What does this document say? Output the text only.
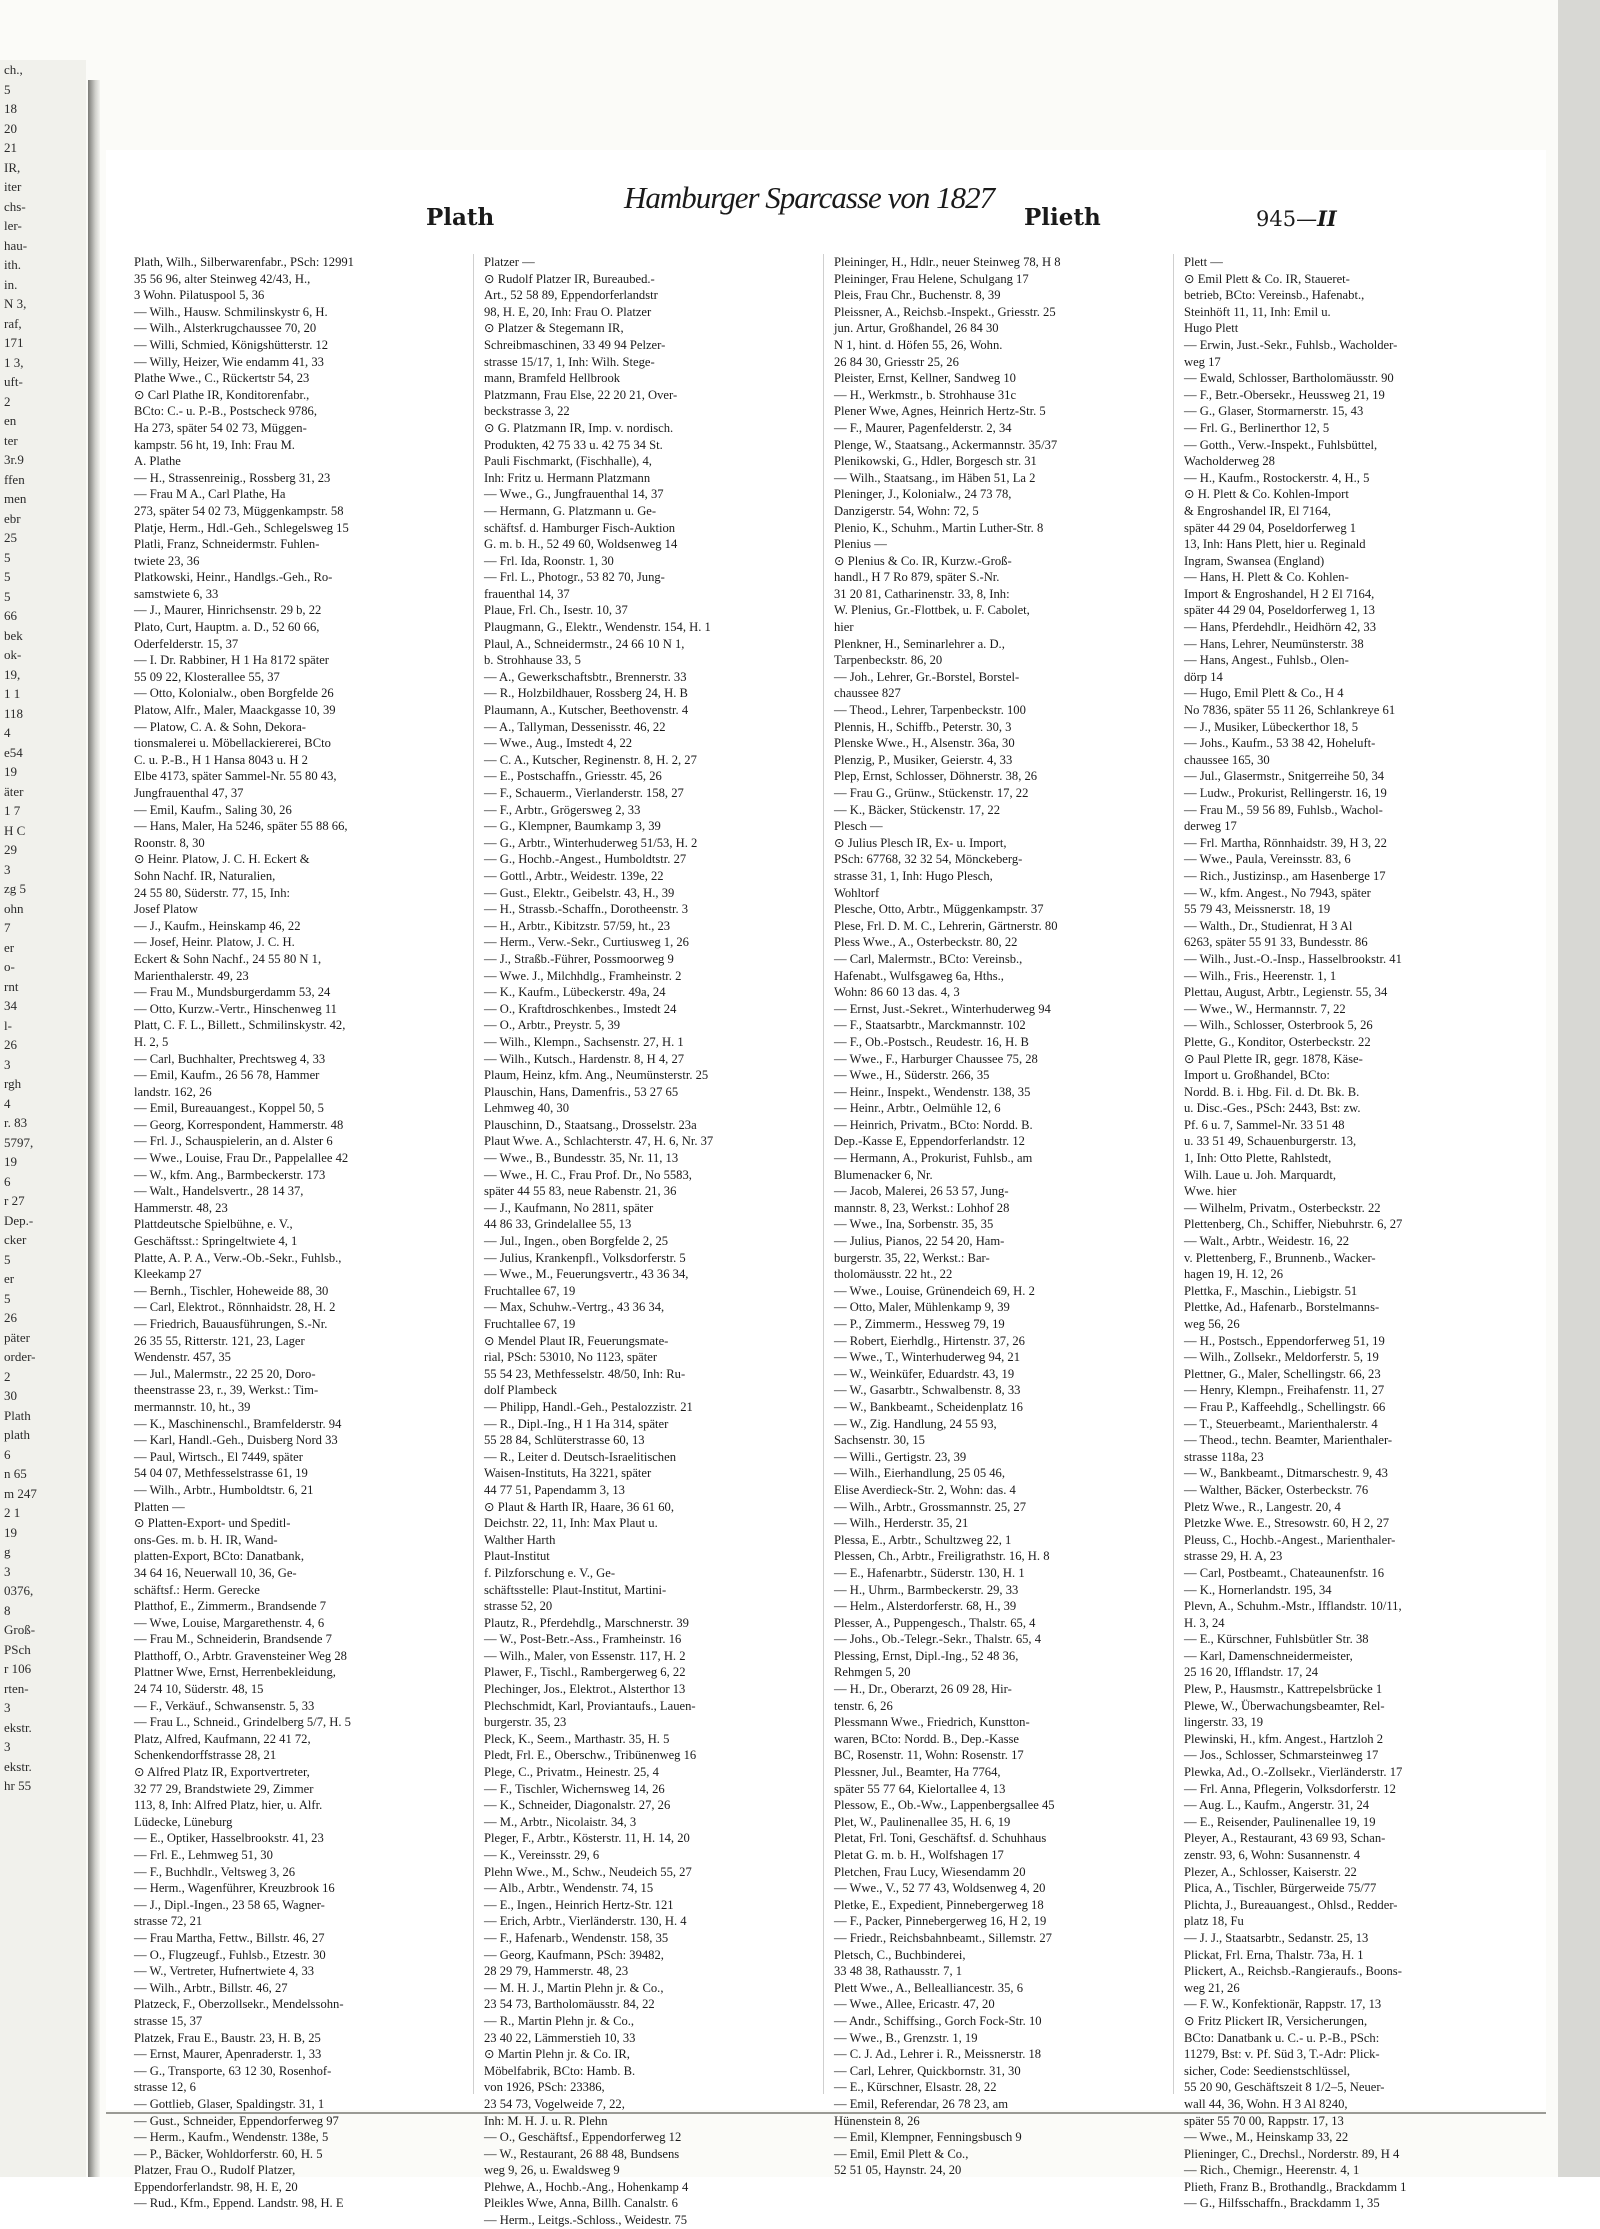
ch.,
5
18
20
21
IR,
iter
chs-
ler-
hau-
ith.
in.
N 3,
raf,
171
1 3,
uft-
2
en
ter
3r.9
ffen
men
ebr
25
5
5
5
66
bek
ok-
19,
1 1
118
4
e54
19
äter
1 7
H C
29
3
zg 5
ohn
7
er
o-
rnt
34
l-
26
3
rgh
4
r. 83
5797,
19
6
r 27
Dep.-
cker
5
er
5
26
päter
order-
2
30
Plath
plath
6
n 65
m 247
2 1
19
g
3
0376,
8
Groß-
PSch
r 106
rten-
3
ekstr.
3
ekstr.
hr 55
Plath
Hamburger Sparcasse von 1827
Plieth	945—II

Plath, Wilh., Silberwarenfabr., PSch: 12991

35 56 96, alter Steinweg 42/43, H.,

3 Wohn. Pilatuspool 5, 36

— Wilh., Hausw. Schmilinskystr 6, H.

— Wilh., Alsterkrugchaussee 70, 20

— Willi, Schmied, Königshütterstr. 12

— Willy, Heizer, Wie endamm 41, 33

Plathe Wwe., C., Rückertstr 54, 23

⊙ Carl Plathe IR, Konditorenfabr.,

BCto: C.- u. P.-B., Postscheck 9786,

Ha 273, später 54 02 73, Müggen-

kampstr. 56 ht, 19, Inh: Frau M.

A. Plathe

— H., Strassenreinig., Rossberg 31, 23

— Frau M A., Carl Plathe, Ha

273, später 54 02 73, Müggenkampstr. 58

Platje, Herm., Hdl.-Geh., Schlegelsweg 15

Platli, Franz, Schneidermstr. Fuhlen-

twiete 23, 36

Platkowski, Heinr., Handlgs.-Geh., Ro-

samstwiete 6, 33

— J., Maurer, Hinrichsenstr. 29 b, 22

Plato, Curt, Hauptm. a. D., 52 60 66,

Oderfelderstr. 15, 37

— I. Dr. Rabbiner, H 1 Ha 8172 später

55 09 22, Klosterallee 55, 37

— Otto, Kolonialw., oben Borgfelde 26

Platow, Alfr., Maler, Maackgasse 10, 39

— Platow, C. A. & Sohn, Dekora-

tionsmalerei u. Möbellackiererei, BCto

C. u. P.-B., H 1 Hansa 8043 u. H 2

Elbe 4173, später Sammel-Nr. 55 80 43,

Jungfrauenthal 47, 37

— Emil, Kaufm., Saling 30, 26

— Hans, Maler, Ha 5246, später 55 88 66,

Roonstr. 8, 30

⊙ Heinr. Platow, J. C. H. Eckert &

Sohn Nachf. IR, Naturalien,

24 55 80, Süderstr. 77, 15, Inh:

Josef Platow

— J., Kaufm., Heinskamp 46, 22

— Josef, Heinr. Platow, J. C. H.

Eckert & Sohn Nachf., 24 55 80 N 1,

Marienthalerstr. 49, 23

— Frau M., Mundsburgerdamm 53, 24

— Otto, Kurzw.-Vertr., Hinschenweg 11

Platt, C. F. L., Billett., Schmilinskystr. 42,

H. 2, 5

— Carl, Buchhalter, Prechtsweg 4, 33

— Emil, Kaufm., 26 56 78, Hammer

landstr. 162, 26

— Emil, Bureauangest., Koppel 50, 5

— Georg, Korrespondent, Hammerstr. 48

— Frl. J., Schauspielerin, an d. Alster 6

— Wwe., Louise, Frau Dr., Pappelallee 42

— W., kfm. Ang., Barmbeckerstr. 173

— Walt., Handelsvertr., 28 14 37,

Hammerstr. 48, 23

Plattdeutsche Spielbühne, e. V.,

Geschäftsst.: Springeltwiete 4, 1

Platte, A. P. A., Verw.-Ob.-Sekr., Fuhlsb.,

Kleekamp 27

— Bernh., Tischler, Hoheweide 88, 30

— Carl, Elektrot., Rönnhaidstr. 28, H. 2

— Friedrich, Bauausführungen, S.-Nr.

26 35 55, Ritterstr. 121, 23, Lager

Wendenstr. 457, 35

— Jul., Malermstr., 22 25 20, Doro-

theenstrasse 23, r., 39, Werkst.: Tim-

mermannstr. 10, ht., 39

— K., Maschinenschl., Bramfelderstr. 94

— Karl, Handl.-Geh., Duisberg Nord 33

— Paul, Wirtsch., El 7449, später

54 04 07, Methfesselstrasse 61, 19

— Wilh., Arbtr., Humboldtstr. 6, 21

Platten —

⊙ Platten-Export- und Speditl-

ons-Ges. m. b. H. IR, Wand-

platten-Export, BCto: Danatbank,

34 64 16, Neuerwall 10, 36, Ge-

schäftsf.: Herm. Gerecke

Platthof, E., Zimmerm., Brandsende 7

— Wwe, Louise, Margarethenstr. 4, 6

— Frau M., Schneiderin, Brandsende 7

Platthoff, O., Arbtr. Gravensteiner Weg 28

Plattner Wwe, Ernst, Herrenbekleidung,

24 74 10, Süderstr. 48, 15

— F., Verkäuf., Schwansenstr. 5, 33

— Frau L., Schneid., Grindelberg 5/7, H. 5

Platz, Alfred, Kaufmann, 22 41 72,

Schenkendorffstrasse 28, 21

⊙ Alfred Platz IR, Exportvertreter,

32 77 29, Brandstwiete 29, Zimmer

113, 8, Inh: Alfred Platz, hier, u. Alfr.

Lüdecke, Lüneburg

— E., Optiker, Hasselbrookstr. 41, 23

— Frl. E., Lehmweg 51, 30

— F., Buchhdlr., Veltsweg 3, 26

— Herm., Wagenführer, Kreuzbrook 16

— J., Dipl.-Ingen., 23 58 65, Wagner-

strasse 72, 21

— Frau Martha, Fettw., Billstr. 46, 27

— O., Flugzeugf., Fuhlsb., Etzestr. 30

— W., Vertreter, Hufnertwiete 4, 33

— Wilh., Arbtr., Billstr. 46, 27

Platzeck, F., Oberzollsekr., Mendelssohn-

strasse 15, 37

Platzek, Frau E., Baustr. 23, H. B, 25

— Ernst, Maurer, Apenraderstr. 1, 33

— G., Transporte, 63 12 30, Rosenhof-

strasse 12, 6

— Gottlieb, Glaser, Spaldingstr. 31, 1

— Gust., Schneider, Eppendorferweg 97

— Herm., Kaufm., Wendenstr. 138e, 5

— P., Bäcker, Wohldorferstr. 60, H. 5

Platzer, Frau O., Rudolf Platzer,

Eppendorferlandstr. 98, H. E, 20

— Rud., Kfm., Eppend. Landstr. 98, H. E

Platzer —

⊙ Rudolf Platzer IR, Bureaubed.-

Art., 52 58 89, Eppendorferlandstr

98, H. E, 20, Inh: Frau O. Platzer

⊙ Platzer & Stegemann IR,

Schreibmaschinen, 33 49 94 Pelzer-

strasse 15/17, 1, Inh: Wilh. Stege-

mann, Bramfeld Hellbrook

Platzmann, Frau Else, 22 20 21, Over-

beckstrasse 3, 22

⊙ G. Platzmann IR, Imp. v. nordisch.

Produkten, 42 75 33 u. 42 75 34 St.

Pauli Fischmarkt, (Fischhalle), 4,

Inh: Fritz u. Hermann Platzmann

— Wwe., G., Jungfrauenthal 14, 37

— Hermann, G. Platzmann u. Ge-

schäftsf. d. Hamburger Fisch-Auktion

G. m. b. H., 52 49 60, Woldsenweg 14

— Frl. Ida, Roonstr. 1, 30

— Frl. L., Photogr., 53 82 70, Jung-

frauenthal 14, 37

Plaue, Frl. Ch., Isestr. 10, 37

Plaugmann, G., Elektr., Wendenstr. 154, H. 1

Plaul, A., Schneidermstr., 24 66 10 N 1,

b. Strohhause 33, 5

— A., Gewerkschaftsbtr., Brennerstr. 33

— R., Holzbildhauer, Rossberg 24, H. B

Plaumann, A., Kutscher, Beethovenstr. 4

— A., Tallyman, Dessenisstr. 46, 22

— Wwe., Aug., Imstedt 4, 22

— C. A., Kutscher, Reginenstr. 8, H. 2, 27

— E., Postschaffn., Griesstr. 45, 26

— F., Schauerm., Vierlanderstr. 158, 27

— F., Arbtr., Grögersweg 2, 33

— G., Klempner, Baumkamp 3, 39

— G., Arbtr., Winterhuderweg 51/53, H. 2

— G., Hochb.-Angest., Humboldtstr. 27

— Gottl., Arbtr., Weidestr. 139e, 22

— Gust., Elektr., Geibelstr. 43, H., 39

— H., Strassb.-Schaffn., Dorotheenstr. 3

— H., Arbtr., Kibitzstr. 57/59, ht., 23

— Herm., Verw.-Sekr., Curtiusweg 1, 26

— J., Straßb.-Führer, Possmoorweg 9

— Wwe. J., Milchhdlg., Framheinstr. 2

— K., Kaufm., Lübeckerstr. 49a, 24

— O., Kraftdroschkenbes., Imstedt 24

— O., Arbtr., Preystr. 5, 39

— Wilh., Klempn., Sachsenstr. 27, H. 1

— Wilh., Kutsch., Hardenstr. 8, H 4, 27

Plaum, Heinz, kfm. Ang., Neumünsterstr. 25

Plauschin, Hans, Damenfris., 53 27 65

Lehmweg 40, 30

Plauschinn, D., Staatsang., Drosselstr. 23a

Plaut Wwe. A., Schlachterstr. 47, H. 6, Nr. 37

— Wwe., B., Bundesstr. 35, Nr. 11, 13

— Wwe., H. C., Frau Prof. Dr., No 5583,

später 44 55 83, neue Rabenstr. 21, 36

— J., Kaufmann, No 2811, später

44 86 33, Grindelallee 55, 13

— Jul., Ingen., oben Borgfelde 2, 25

— Julius, Krankenpfl., Volksdorferstr. 5

— Wwe., M., Feuerungsvertr., 43 36 34,

Fruchtallee 67, 19

— Max, Schuhw.-Vertrg., 43 36 34,

Fruchtallee 67, 19

⊙ Mendel Plaut IR, Feuerungsmate-

rial, PSch: 53010, No 1123, später

55 54 23, Methfesselstr. 48/50, Inh: Ru-

dolf Plambeck

— Philipp, Handl.-Geh., Pestalozzistr. 21

— R., Dipl.-Ing., H 1 Ha 314, später

55 28 84, Schlüterstrasse 60, 13

— R., Leiter d. Deutsch-Israelitischen

Waisen-Instituts, Ha 3221, später

44 77 51, Papendamm 3, 13

⊙ Plaut & Harth IR, Haare, 36 61 60,

Deichstr. 22, 11, Inh: Max Plaut u.

Walther Harth

Plaut-Institut

f. Pilzforschung e. V., Ge-

schäftsstelle: Plaut-Institut, Martini-

strasse 52, 20

Plautz, R., Pferdehdlg., Marschnerstr. 39

— W., Post-Betr.-Ass., Framheinstr. 16

— Wilh., Maler, von Essenstr. 117, H. 2

Plawer, F., Tischl., Rambergerweg 6, 22

Plechinger, Jos., Elektrot., Alsterthor 13

Plechschmidt, Karl, Proviantaufs., Lauen-

burgerstr. 35, 23

Pleck, K., Seem., Marthastr. 35, H. 5

Pledt, Frl. E., Oberschw., Tribünenweg 16

Plege, C., Privatm., Heinestr. 25, 4

— F., Tischler, Wichernsweg 14, 26

— K., Schneider, Diagonalstr. 27, 26

— M., Arbtr., Nicolaistr. 34, 3

Pleger, F., Arbtr., Kösterstr. 11, H. 14, 20

— K., Vereinsstr. 29, 6

Plehn Wwe., M., Schw., Neudeich 55, 27

— Alb., Arbtr., Wendenstr. 74, 15

— E., Ingen., Heinrich Hertz-Str. 121

— Erich, Arbtr., Vierländerstr. 130, H. 4

— F., Hafenarb., Wendenstr. 158, 35

— Georg, Kaufmann, PSch: 39482,

28 29 79, Hammerstr. 48, 23

— M. H. J., Martin Plehn jr. & Co.,

23 54 73, Bartholomäusstr. 84, 22

— R., Martin Plehn jr. & Co.,

23 40 22, Lämmerstieh 10, 33

⊙ Martin Plehn jr. & Co. IR,

Möbelfabrik, BCto: Hamb. B.

von 1926, PSch: 23386,

23 54 73, Vogelweide 7, 22,

Inh: M. H. J. u. R. Plehn

— O., Geschäftsf., Eppendorferweg 12

— W., Restaurant, 26 88 48, Bundsens

weg 9, 26, u. Ewaldsweg 9

Plehwe, A., Hochb.-Ang., Hohenkamp 4

Pleikles Wwe, Anna, Billh. Canalstr. 6

— Herm., Leitgs.-Schloss., Weidestr. 75

Pleininger, H., Hdlr., neuer Steinweg 78, H 8

Pleininger, Frau Helene, Schulgang 17

Pleis, Frau Chr., Buchenstr. 8, 39

Pleissner, A., Reichsb.-Inspekt., Griesstr. 25

jun. Artur, Großhandel, 26 84 30

N 1, hint. d. Höfen 55, 26, Wohn.

26 84 30, Griesstr 25, 26

Pleister, Ernst, Kellner, Sandweg 10

— H., Werkmstr., b. Strohhause 31c

Plener Wwe, Agnes, Heinrich Hertz-Str. 5

— F., Maurer, Pagenfelderstr. 2, 34

Plenge, W., Staatsang., Ackermannstr. 35/37

Plenikowski, G., Hdler, Borgesch str. 31

— Wilh., Staatsang., im Häben 51, La 2

Pleninger, J., Kolonialw., 24 73 78,

Danzigerstr. 54, Wohn: 72, 5

Plenio, K., Schuhm., Martin Luther-Str. 8

Plenius —

⊙ Plenius & Co. IR, Kurzw.-Groß-

handl., H 7 Ro 879, später S.-Nr.

31 20 81, Catharinenstr. 33, 8, Inh:

W. Plenius, Gr.-Flottbek, u. F. Cabolet,

hier

Plenkner, H., Seminarlehrer a. D.,

Tarpenbeckstr. 86, 20

— Joh., Lehrer, Gr.-Borstel, Borstel-

chaussee 827

— Theod., Lehrer, Tarpenbeckstr. 100

Plennis, H., Schiffb., Peterstr. 30, 3

Plenske Wwe., H., Alsenstr. 36a, 30

Plenzig, P., Musiker, Geierstr. 4, 33

Plep, Ernst, Schlosser, Döhnerstr. 38, 26

— Frau G., Grünw., Stückenstr. 17, 22

— K., Bäcker, Stückenstr. 17, 22

Plesch —

⊙ Julius Plesch IR, Ex- u. Import,

PSch: 67768, 32 32 54, Mönckeberg-

strasse 31, 1, Inh: Hugo Plesch,

Wohltorf

Plesche, Otto, Arbtr., Müggenkampstr. 37

Plese, Frl. D. M. C., Lehrerin, Gärtnerstr. 80

Pless Wwe., A., Osterbeckstr. 80, 22

— Carl, Malermstr., BCto: Vereinsb.,

Hafenabt., Wulfsgaweg 6a, Hths.,

Wohn: 86 60 13 das. 4, 3

— Ernst, Just.-Sekret., Winterhuderweg 94

— F., Staatsarbtr., Marckmannstr. 102

— F., Ob.-Postsch., Reudestr. 16, H. B

— Wwe., F., Harburger Chaussee 75, 28

— Wwe., H., Süderstr. 266, 35

— Heinr., Inspekt., Wendenstr. 138, 35

— Heinr., Arbtr., Oelmühle 12, 6

— Heinrich, Privatm., BCto: Nordd. B.

Dep.-Kasse E, Eppendorferlandstr. 12

— Hermann, A., Prokurist, Fuhlsb., am

Blumenacker 6, Nr.

— Jacob, Malerei, 26 53 57, Jung-

mannstr. 8, 23, Werkst.: Lohhof 28

— Wwe., Ina, Sorbenstr. 35, 35

— Julius, Pianos, 22 54 20, Ham-

burgerstr. 35, 22, Werkst.: Bar-

tholomäusstr. 22 ht., 22

— Wwe., Louise, Grünendeich 69, H. 2

— Otto, Maler, Mühlenkamp 9, 39

— P., Zimmerm., Hessweg 79, 19

— Robert, Eierhdlg., Hirtenstr. 37, 26

— Wwe., T., Winterhuderweg 94, 21

— W., Weinküfer, Eduardstr. 43, 19

— W., Gasarbtr., Schwalbenstr. 8, 33

— W., Bankbeamt., Scheidenplatz 16

— W., Zig. Handlung, 24 55 93,

Sachsenstr. 30, 15

— Willi., Gertigstr. 23, 39

— Wilh., Eierhandlung, 25 05 46,

Elise Averdieck-Str. 2, Wohn: das. 4

— Wilh., Arbtr., Grossmannstr. 25, 27

— Wilh., Herderstr. 35, 21

Plessa, E., Arbtr., Schultzweg 22, 1

Plessen, Ch., Arbtr., Freiligrathstr. 16, H. 8

— E., Hafenarbtr., Süderstr. 130, H. 1

— H., Uhrm., Barmbeckerstr. 29, 33

— Helm., Alsterdorferstr. 68, H., 39

Plesser, A., Puppengesch., Thalstr. 65, 4

— Johs., Ob.-Telegr.-Sekr., Thalstr. 65, 4

Plessing, Ernst, Dipl.-Ing., 52 48 36,

Rehmgen 5, 20

— H., Dr., Oberarzt, 26 09 28, Hir-

tenstr. 6, 26

Plessmann Wwe., Friedrich, Kunstton-

waren, BCto: Nordd. B., Dep.-Kasse

BC, Rosenstr. 11, Wohn: Rosenstr. 17

Plessner, Jul., Beamter, Ha 7764,

später 55 77 64, Kielortallee 4, 13

Plessow, E., Ob.-Ww., Lappenbergsallee 45

Plet, W., Paulinenallee 35, H. 6, 19

Pletat, Frl. Toni, Geschäftsf. d. Schuhhaus

Pletat G. m. b. H., Wolfshagen 17

Pletchen, Frau Lucy, Wiesendamm 20

— Wwe., V., 52 77 43, Woldsenweg 4, 20

Pletke, E., Expedient, Pinnebergerweg 18

— F., Packer, Pinnebergerweg 16, H 2, 19

— Friedr., Reichsbahnbeamt., Sillemstr. 27

Pletsch, C., Buchbinderei,

33 48 38, Rathausstr. 7, 1

Plett Wwe., A., Bellealliancestr. 35, 6

— Wwe., Allee, Ericastr. 47, 20

— Andr., Schiffsing., Gorch Fock-Str. 10

— Wwe., B., Grenzstr. 1, 19

— C. J. Ad., Lehrer i. R., Meissnerstr. 18

— Carl, Lehrer, Quickbornstr. 31, 30

— E., Kürschner, Elsastr. 28, 22

— Emil, Referendar, 26 78 23, am

Hünenstein 8, 26

— Emil, Klempner, Fenningsbusch 9

— Emil, Emil Plett & Co.,

52 51 05, Haynstr. 24, 20

Plett —

⊙ Emil Plett & Co. IR, Staueret-

betrieb, BCto: Vereinsb., Hafenabt.,

Steinhöft 11, 11, Inh: Emil u.

Hugo Plett

— Erwin, Just.-Sekr., Fuhlsb., Wacholder-

weg 17

— Ewald, Schlosser, Bartholomäusstr. 90

— F., Betr.-Obersekr., Heussweg 21, 19

— G., Glaser, Stormarnerstr. 15, 43

— Frl. G., Berlinerthor 12, 5

— Gotth., Verw.-Inspekt., Fuhlsbüttel,

Wacholderweg 28

— H., Kaufm., Rostockerstr. 4, H., 5

⊙ H. Plett & Co. Kohlen-Import

& Engroshandel IR, El 7164,

später 44 29 04, Poseldorferweg 1

13, Inh: Hans Plett, hier u. Reginald

Ingram, Swansea (England)

— Hans, H. Plett & Co. Kohlen-

Import & Engroshandel, H 2 El 7164,

später 44 29 04, Poseldorferweg 1, 13

— Hans, Pferdehdlr., Heidhörn 42, 33

— Hans, Lehrer, Neumünsterstr. 38

— Hans, Angest., Fuhlsb., Olen-

dörp 14

— Hugo, Emil Plett & Co., H 4

No 7836, später 55 11 26, Schlankreye 61

— J., Musiker, Lübeckerthor 18, 5

— Johs., Kaufm., 53 38 42, Hoheluft-

chaussee 165, 30

— Jul., Glasermstr., Snitgerreihe 50, 34

— Ludw., Prokurist, Rellingerstr. 16, 19

— Frau M., 59 56 89, Fuhlsb., Wachol-

derweg 17

— Frl. Martha, Rönnhaidstr. 39, H 3, 22

— Wwe., Paula, Vereinsstr. 83, 6

— Rich., Justizinsp., am Hasenberge 17

— W., kfm. Angest., No 7943, später

55 79 43, Meissnerstr. 18, 19

— Walth., Dr., Studienrat, H 3 Al

6263, später 55 91 33, Bundesstr. 86

— Wilh., Just.-O.-Insp., Hasselbrookstr. 41

— Wilh., Fris., Heerenstr. 1, 1

Plettau, August, Arbtr., Legienstr. 55, 34

— Wwe., W., Hermannstr. 7, 22

— Wilh., Schlosser, Osterbrook 5, 26

Plette, G., Konditor, Osterbeckstr. 22

⊙ Paul Plette IR, gegr. 1878, Käse-

Import u. Großhandel, BCto:

Nordd. B. i. Hbg. Fil. d. Dt. Bk. B.

u. Disc.-Ges., PSch: 2443, Bst: zw.

Pf. 6 u. 7, Sammel-Nr. 33 51 48

u. 33 51 49, Schauenburgerstr. 13,

1, Inh: Otto Plette, Rahlstedt,

Wilh. Laue u. Joh. Marquardt,

Wwe. hier

— Wilhelm, Privatm., Osterbeckstr. 22

Plettenberg, Ch., Schiffer, Niebuhrstr. 6, 27

— Walt., Arbtr., Weidestr. 16, 22

v. Plettenberg, F., Brunnenb., Wacker-

hagen 19, H. 12, 26

Plettka, F., Maschin., Liebigstr. 51

Plettke, Ad., Hafenarb., Borstelmanns-

weg 56, 26

— H., Postsch., Eppendorferweg 51, 19

— Wilh., Zollsekr., Meldorferstr. 5, 19

Plettner, G., Maler, Schellingstr. 66, 23

— Henry, Klempn., Freihafenstr. 11, 27

— Frau P., Kaffeehdlg., Schellingstr. 66

— T., Steuerbeamt., Marienthalerstr. 4

— Theod., techn. Beamter, Marienthaler-

strasse 118a, 23

— W., Bankbeamt., Ditmarschestr. 9, 43

— Walther, Bäcker, Osterbeckstr. 76

Pletz Wwe., R., Langestr. 20, 4

Pletzke Wwe. E., Stresowstr. 60, H 2, 27

Pleuss, C., Hochb.-Angest., Marienthaler-

strasse 29, H. A, 23

— Carl, Postbeamt., Chateaunenfstr. 16

— K., Hornerlandstr. 195, 34

Plevn, A., Schuhm.-Mstr., Ifflandstr. 10/11,

H. 3, 24

— E., Kürschner, Fuhlsbütler Str. 38

— Karl, Damenschneidermeister,

25 16 20, Ifflandstr. 17, 24

Plew, P., Hausmstr., Kattrepelsbrücke 1

Plewe, W., Überwachungsbeamter, Rel-

lingerstr. 33, 19

Plewinski, H., kfm. Angest., Hartzloh 2

— Jos., Schlosser, Schmarsteinweg 17

Plewka, Ad., O.-Zollsekr., Vierländerstr. 17

— Frl. Anna, Pflegerin, Volksdorferstr. 12

— Aug. L., Kaufm., Angerstr. 31, 24

— E., Reisender, Paulinenallee 19, 19

Pleyer, A., Restaurant, 43 69 93, Schan-

zenstr. 93, 6, Wohn: Susannenstr. 4

Plezer, A., Schlosser, Kaiserstr. 22

Plica, A., Tischler, Bürgerweide 75/77

Plichta, J., Bureauangest., Ohlsd., Redder-

platz 18, Fu

— J. J., Staatsarbtr., Sedanstr. 25, 13

Plickat, Frl. Erna, Thalstr. 73a, H. 1

Plickert, A., Reichsb.-Rangieraufs., Boons-

weg 21, 26

— F. W., Konfektionär, Rappstr. 17, 13

⊙ Fritz Plickert IR, Versicherungen,

BCto: Danatbank u. C.- u. P.-B., PSch:

11279, Bst: v. Pf. Süd 3, T.-Adr: Plick-

sicher, Code: Seedienstschlüssel,

55 20 90, Geschäftszeit 8 1/2–5, Neuer-

wall 44, 36, Wohn. H 3 Al 8240,

später 55 70 00, Rappstr. 17, 13

— Wwe., M., Heinskamp 33, 22

Plieninger, C., Drechsl., Norderstr. 89, H 4

— Rich., Chemigr., Heerenstr. 4, 1

Plieth, Franz B., Brothandlg., Brackdamm 1

— G., Hilfsschaffn., Brackdamm 1, 35
